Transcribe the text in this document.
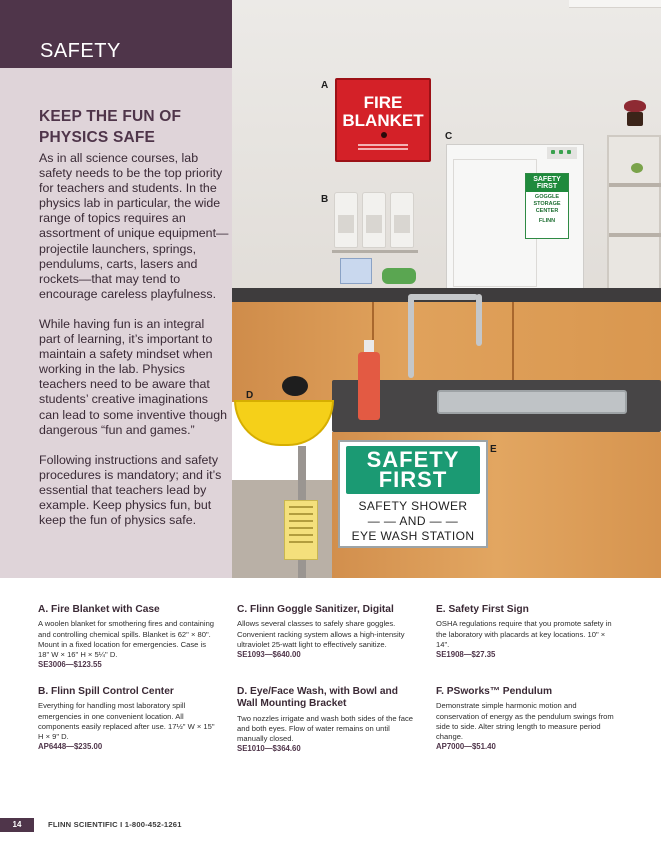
SAFETY
KEEP THE FUN OF PHYSICS SAFE

As in all science courses, lab safety needs to be the top priority for teachers and students. In the physics lab in particular, the wide range of topics requires an assortment of unique equipment—projectile launchers, springs, pendulums, carts, lasers and rockets—that may tend to encourage careless playfulness.

While having fun is an integral part of learning, it’s important to maintain a safety mindset when working in the lab. Physics teachers need to be aware that students’ creative imaginations can lead to some inventive though dangerous “fun and games.”

Following instructions and safety procedures is mandatory; and it’s essential that teachers lead by example. Keep physics fun, but keep the fun of physics safe.

FIRE BLANKET
SAFETY FIRST
GOGGLE STORAGE CENTER
FLINN
SAFETY FIRST
SAFETY SHOWER
— — AND — —
EYE WASH STATION
A
B
C
D
E
A. Fire Blanket with Case
A woolen blanket for smothering fires and containing and controlling chemical spills. Blanket is 62" × 80". Mount in a fixed location for emergencies. Case is 18" W × 16" H × 5¼" D.
SE3006—$123.55
B. Flinn Spill Control Center
Everything for handling most laboratory spill emergencies in one convenient location. All components easily replaced after use. 17½" W × 15" H × 9" D.
AP6448—$235.00
C. Flinn Goggle Sanitizer, Digital
Allows several classes to safely share goggles. Convenient racking system allows a high-intensity ultraviolet 25-watt light to effectively sanitize.
SE1093—$640.00
D. Eye/Face Wash, with Bowl and Wall Mounting Bracket
Two nozzles irrigate and wash both sides of the face and both eyes. Flow of water remains on until manually closed.
SE1010—$364.60
E. Safety First Sign
OSHA regulations require that you promote safety in the laboratory with placards at key locations. 10" × 14".
SE1908—$27.35
F. PSworks™ Pendulum
Demonstrate simple harmonic motion and conservation of energy as the pendulum swings from side to side. Alter string length to measure period change.
AP7000—$51.40
14	FLINN SCIENTIFIC I 1-800-452-1261
